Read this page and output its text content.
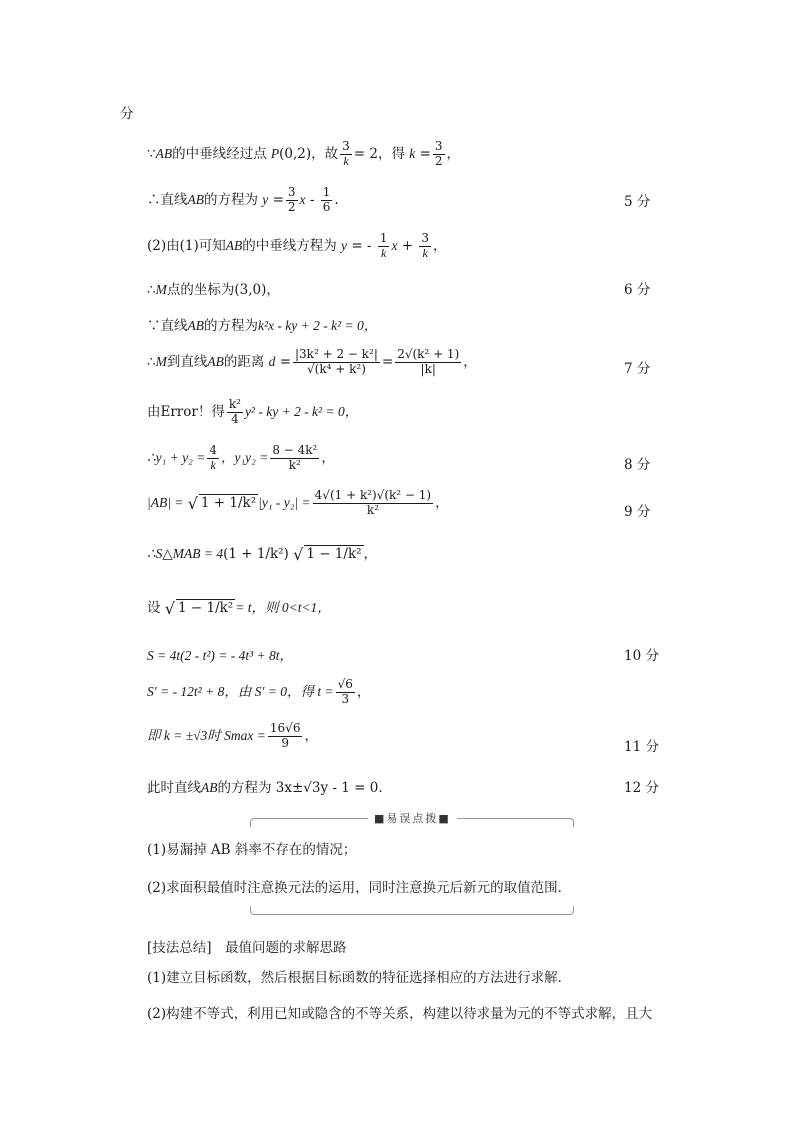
分
∵AB的中垂线经过点 P(0,2)，故 $\frac{3}{k} = 2$，得 $k = \frac{3}{2}$ ，
∴直线AB的方程为 $y = \frac{3}{2}$ x - $\frac{1}{6}$ .	5 分
(2)由(1)可知AB的中垂线方程为 y = - $\frac{1}{k}$ $x + \frac{3}{k}$ ，
∴M点的坐标为(3,0)，	6 分
∵直线AB的方程为k²x - ky + 2 - k² = 0，
∴M到直线AB的距离 $d = \frac{\text{|3k² + 2 − k²|}}{\text{√(k⁴ + k²)}} = \frac{\text{2√(k² + 1)}}{|k|}$ ，	7 分
由Error！得 $\frac{\text{k²}}{4} y^2$ - ky + 2 - k² = 0，
∴y₁ + $y_2 = \frac{4}{k}$ ，$y_1y_2 = \frac{\text{8 − 4k²}}{\text{k²}}$ ，	8 分
|AB| = √ 1 + 1/k² $|y_1 - y_2| = \frac{\text{4√(1 + k²)√(k² − 1)}}{\text{k²}}$ ，
9 分
∴S△MAB = 4(1 + 1/k²) √ 1 − 1/k² ，
设 √ 1 − 1/k² = t，则 0<t<1，
S = 4t(2 - t²) = - 4t³ + 8t，	10 分
S′ = - 12t² + 8，由 S′ = 0，得 $t = \frac{√6}{3}$ ，
即 k = ±√3时 $Smax = \frac{16√6}{9}$ ，
11 分
此时直线AB的方程为 3x±√3y - 1 = 0.	12 分
■易误点拨■
(1)易漏掉 AB 斜率不存在的情况；
(2)求面积最值时注意换元法的运用，同时注意换元后新元的取值范围．
[技法总结]　最值问题的求解思路
(1)建立目标函数，然后根据目标函数的特征选择相应的方法进行求解．
(2)构建不等式，利用已知或隐含的不等关系，构建以待求量为元的不等式求解，且大
